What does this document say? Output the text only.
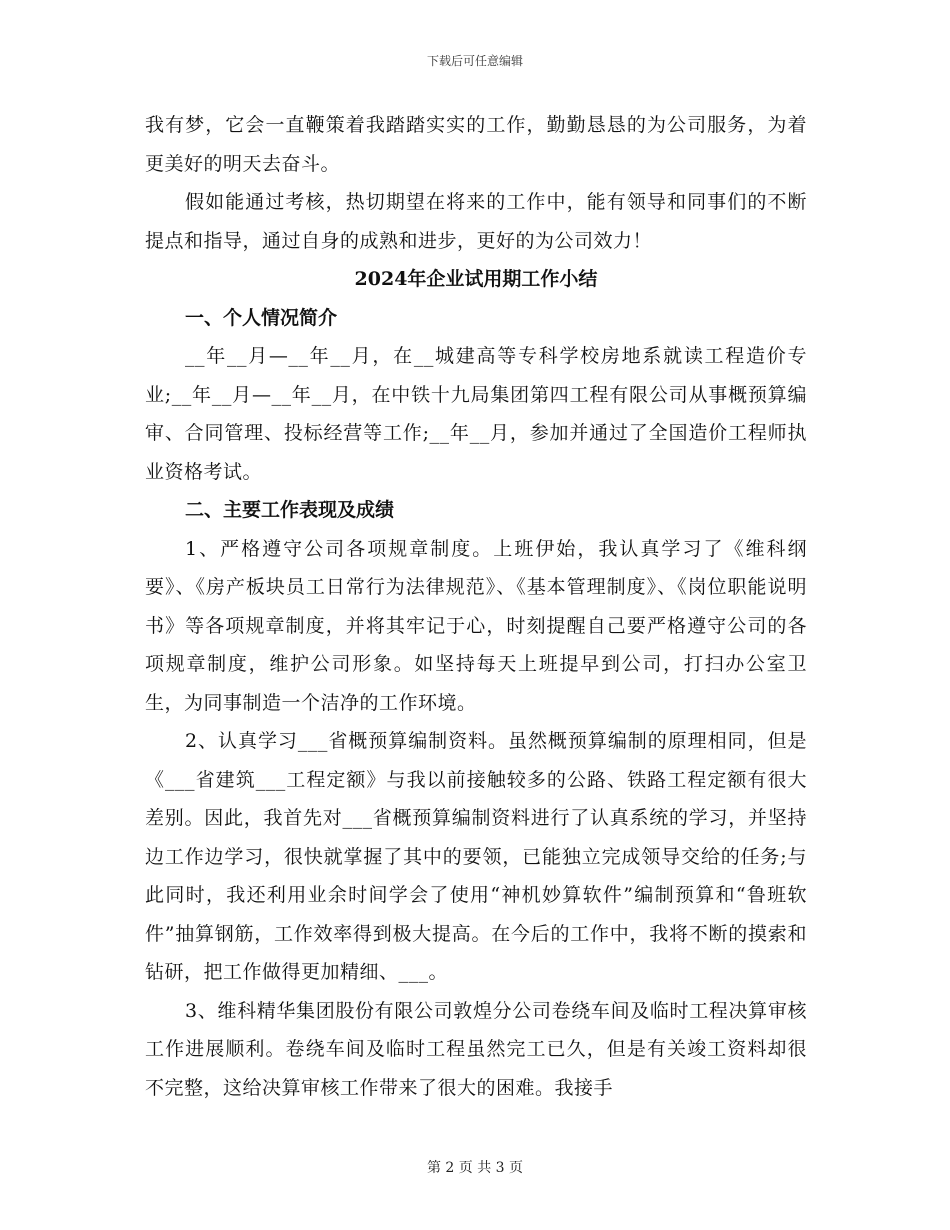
下载后可任意编辑

我有梦，它会一直鞭策着我踏踏实实的工作，勤勤恳恳的为公司服务，为着更美好的明天去奋斗。

假如能通过考核，热切期望在将来的工作中，能有领导和同事们的不断提点和指导，通过自身的成熟和进步，更好的为公司效力！

2024年企业试用期工作小结

一、个人情况简介

__年__月—__年__月，在__城建高等专科学校房地系就读工程造价专业;__年__月—__年__月，在中铁十九局集团第四工程有限公司从事概预算编审、合同管理、投标经营等工作;__年__月，参加并通过了全国造价工程师执业资格考试。

二、主要工作表现及成绩

1、严格遵守公司各项规章制度。上班伊始，我认真学习了《维科纲要》、《房产板块员工日常行为法律规范》、《基本管理制度》、《岗位职能说明书》等各项规章制度，并将其牢记于心，时刻提醒自己要严格遵守公司的各项规章制度，维护公司形象。如坚持每天上班提早到公司，打扫办公室卫生，为同事制造一个洁净的工作环境。

2、认真学习___省概预算编制资料。虽然概预算编制的原理相同，但是《___省建筑___工程定额》与我以前接触较多的公路、铁路工程定额有很大差别。因此，我首先对___省概预算编制资料进行了认真系统的学习，并坚持边工作边学习，很快就掌握了其中的要领，已能独立完成领导交给的任务;与此同时，我还利用业余时间学会了使用“神机妙算软件”编制预算和“鲁班软件”抽算钢筋，工作效率得到极大提高。在今后的工作中，我将不断的摸索和钻研，把工作做得更加精细、___。

3、维科精华集团股份有限公司敦煌分公司卷绕车间及临时工程决算审核工作进展顺利。卷绕车间及临时工程虽然完工已久，但是有关竣工资料却很不完整，这给决算审核工作带来了很大的困难。我接手

第 2 页 共 3 页
